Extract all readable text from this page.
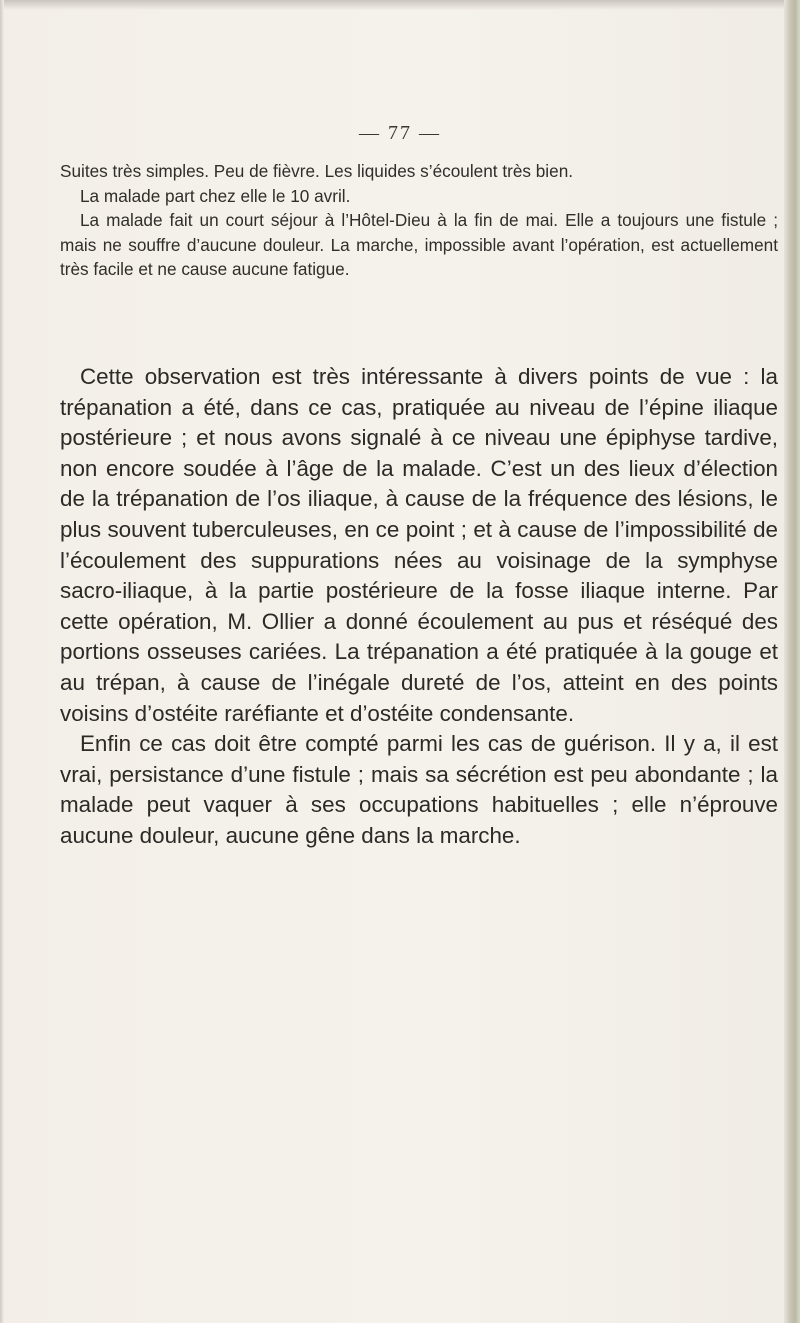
— 77 —

Suites très simples. Peu de fièvre. Les liquides s’écoulent très bien.

La malade part chez elle le 10 avril.

La malade fait un court séjour à l’Hôtel-Dieu à la fin de mai. Elle a toujours une fistule ; mais ne souffre d’aucune douleur. La marche, impossible avant l’opération, est actuellement très facile et ne cause aucune fatigue.

Cette observation est très intéressante à divers points de vue : la trépanation a été, dans ce cas, pratiquée au niveau de l’épine iliaque postérieure ; et nous avons signalé à ce niveau une épiphyse tardive, non encore soudée à l’âge de la malade. C’est un des lieux d’élection de la trépanation de l’os iliaque, à cause de la fréquence des lésions, le plus souvent tuberculeuses, en ce point ; et à cause de l’impossibilité de l’écoulement des suppurations nées au voisinage de la symphyse sacro-iliaque, à la partie postérieure de la fosse iliaque interne. Par cette opération, M. Ollier a donné écoulement au pus et réséqué des portions osseuses cariées. La trépanation a été pratiquée à la gouge et au trépan, à cause de l’inégale dureté de l’os, atteint en des points voisins d’ostéite raréfiante et d’ostéite condensante.

Enfin ce cas doit être compté parmi les cas de guérison. Il y a, il est vrai, persistance d’une fistule ; mais sa sécrétion est peu abondante ; la malade peut vaquer à ses occupations habituelles ; elle n’éprouve aucune douleur, aucune gêne dans la marche.
